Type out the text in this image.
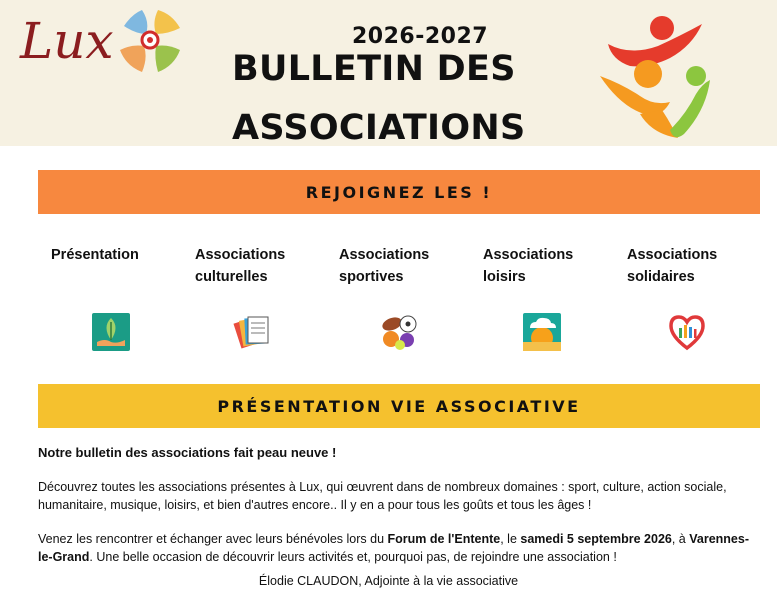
Lux	2026-2027
BULLETIN DES
ASSOCIATIONS
REJOIGNEZ LES !
Présentation	Associations
culturelles
Associations
sportives
Associations
loisirs
Associations
solidaires
PRÉSENTATION VIE ASSOCIATIVE

Notre bulletin des associations fait peau neuve !

Découvrez toutes les associations présentes à Lux, qui œuvrent dans de nombreux domaines : sport, culture, action sociale, humanitaire, musique, loisirs, et bien d'autres encore.. Il y en a pour tous les goûts et tous les âges !

Venez les rencontrer et échanger avec leurs bénévoles lors du Forum de l'Entente, le samedi 5 septembre 2026, à Varennes-le-Grand. Une belle occasion de découvrir leurs activités et, pourquoi pas, de rejoindre une association !

Élodie CLAUDON, Adjointe à la vie associative
